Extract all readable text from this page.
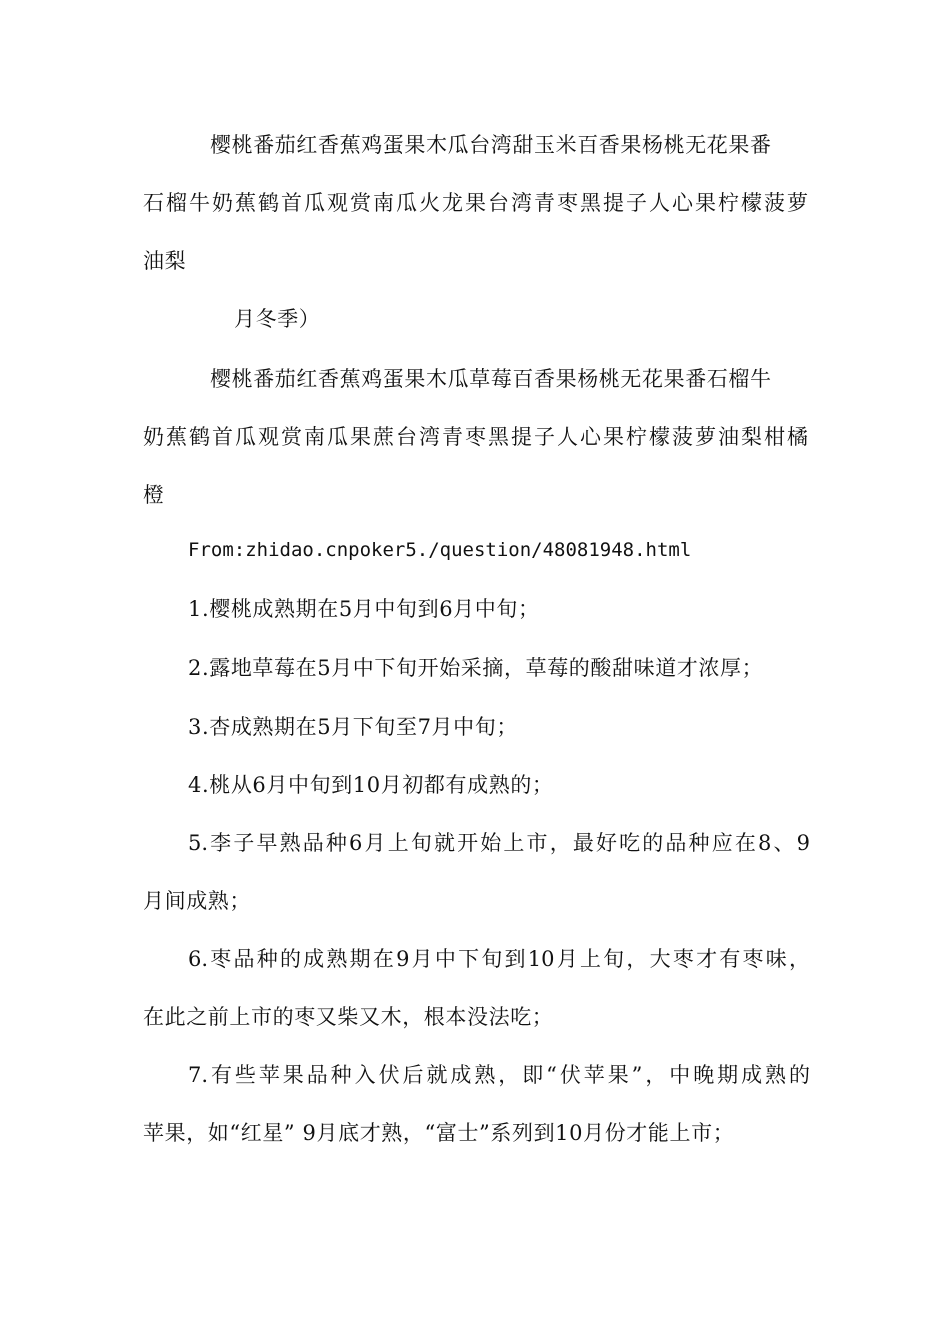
樱桃番茄红香蕉鸡蛋果木瓜台湾甜玉米百香果杨桃无花果番
石榴牛奶蕉鹤首瓜观赏南瓜火龙果台湾青枣黑提子人心果柠檬菠萝
油梨
月冬季）
樱桃番茄红香蕉鸡蛋果木瓜草莓百香果杨桃无花果番石榴牛
奶蕉鹤首瓜观赏南瓜果蔗台湾青枣黑提子人心果柠檬菠萝油梨柑橘
橙
From:zhidao.cnpoker5./question/48081948.html
1.樱桃成熟期在5月中旬到6月中旬；
2.露地草莓在5月中下旬开始采摘，草莓的酸甜味道才浓厚；
3.杏成熟期在5月下旬至7月中旬；
4.桃从6月中旬到10月初都有成熟的；
5.李子早熟品种6月上旬就开始上市，最好吃的品种应在8、9
月间成熟；
6.枣品种的成熟期在9月中下旬到10月上旬，大枣才有枣味，
在此之前上市的枣又柴又木，根本没法吃；
7.有些苹果品种入伏后就成熟，即“伏苹果”，中晚期成熟的
苹果，如“红星” 9月底才熟，“富士”系列到10月份才能上市；
